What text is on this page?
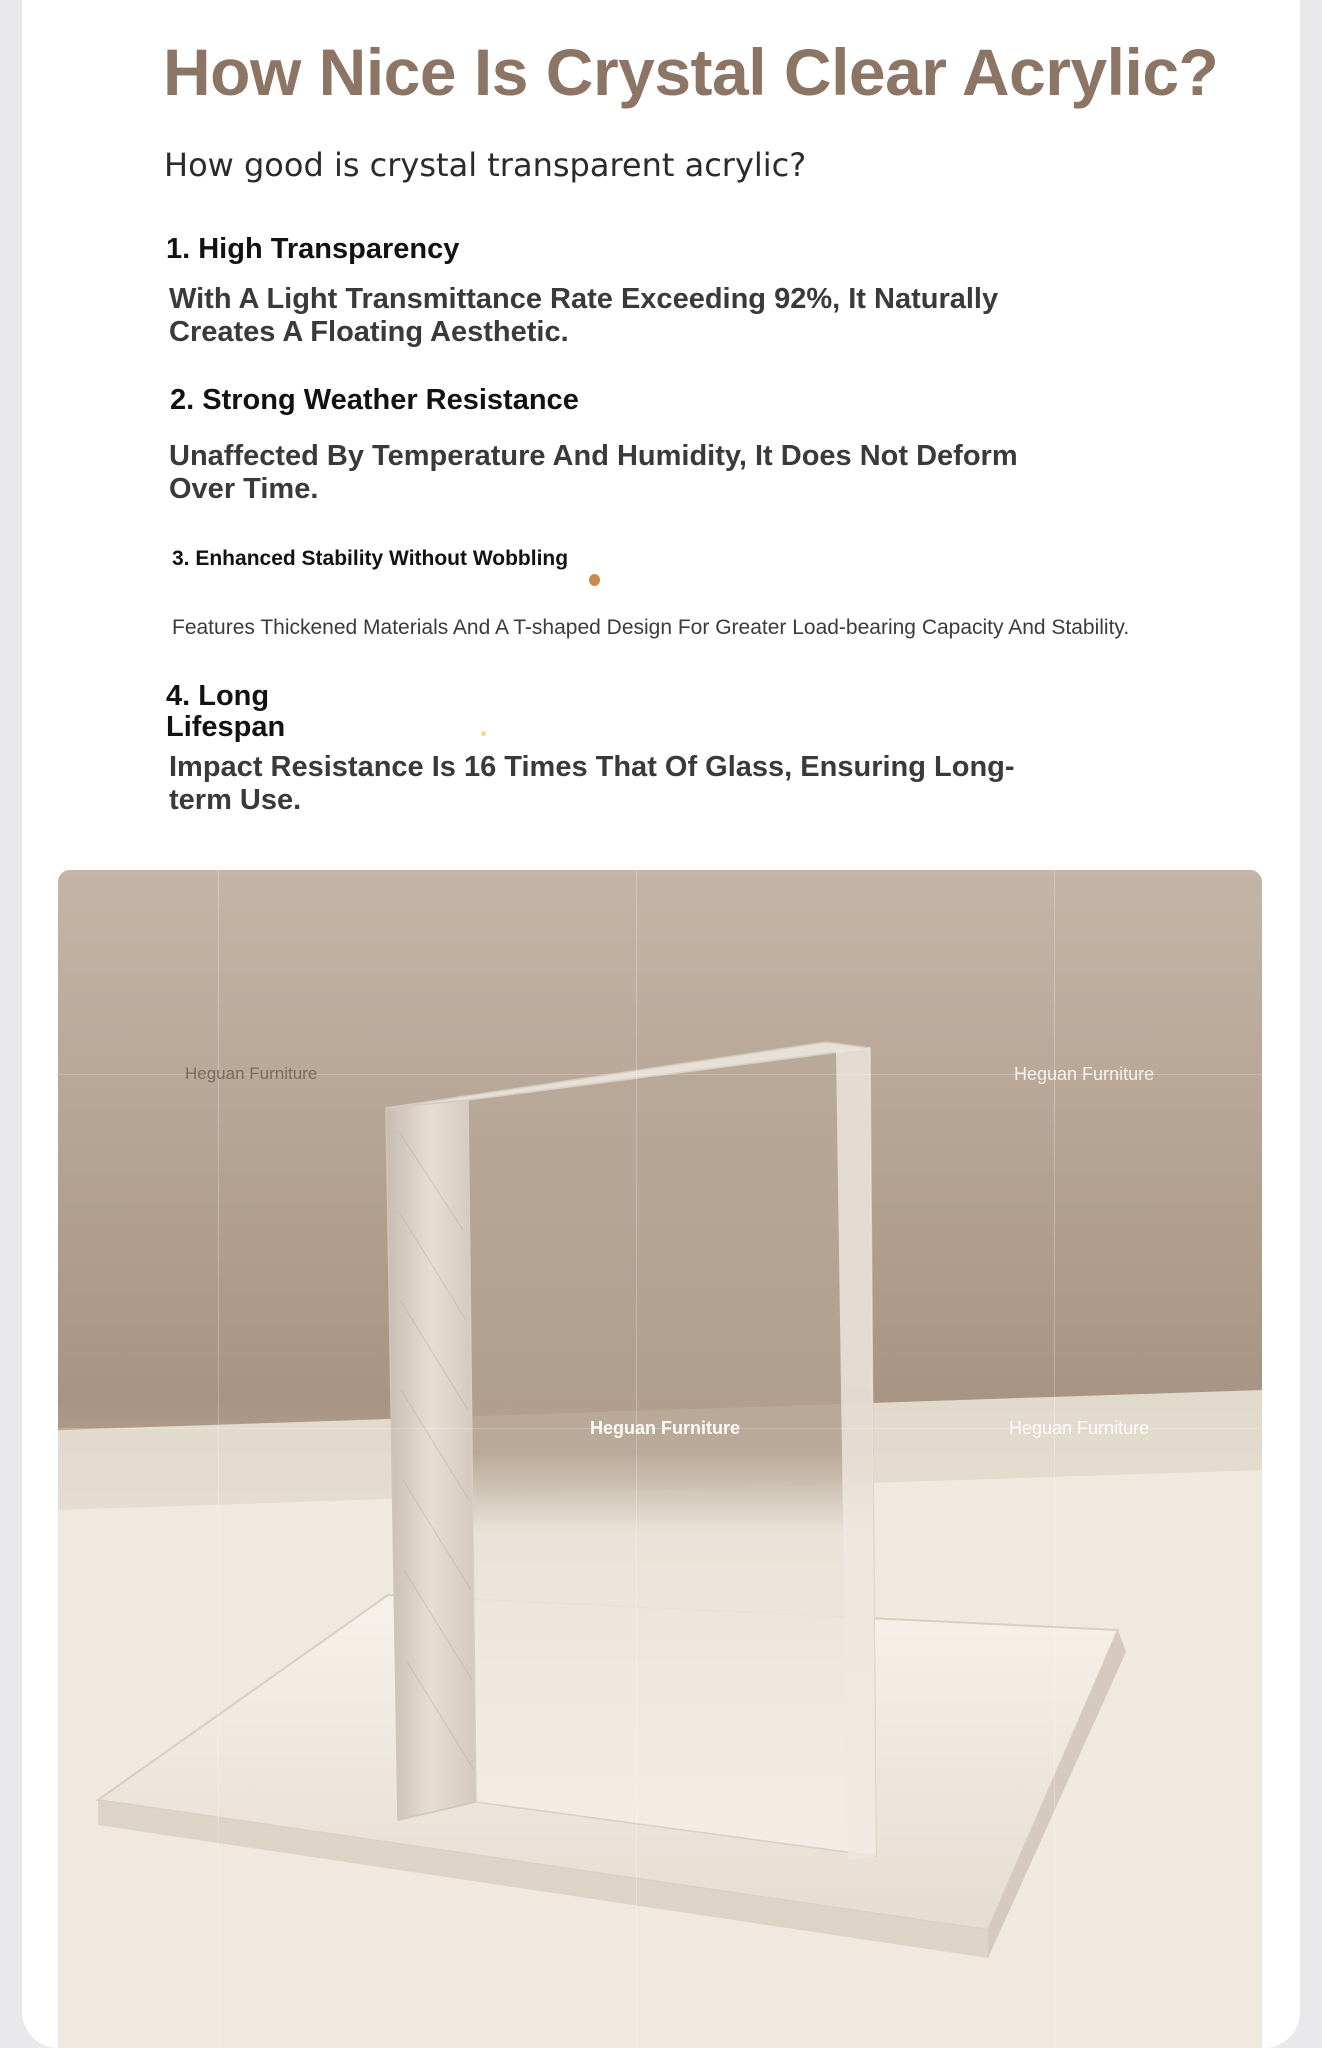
How Nice Is Crystal Clear Acrylic?
How good is crystal transparent acrylic?
1. High Transparency

With A Light Transmittance Rate Exceeding 92%, It Naturally Creates A Floating Aesthetic.

2. Strong Weather Resistance

Unaffected By Temperature And Humidity, It Does Not Deform Over Time.

3. Enhanced Stability Without Wobbling

Features Thickened Materials And A T-shaped Design For Greater Load-bearing Capacity And Stability.

4. Long Lifespan

Impact Resistance Is 16 Times That Of Glass, Ensuring Long-term Use.

Heguan Furniture	Heguan Furniture
Heguan Furniture	Heguan Furniture
